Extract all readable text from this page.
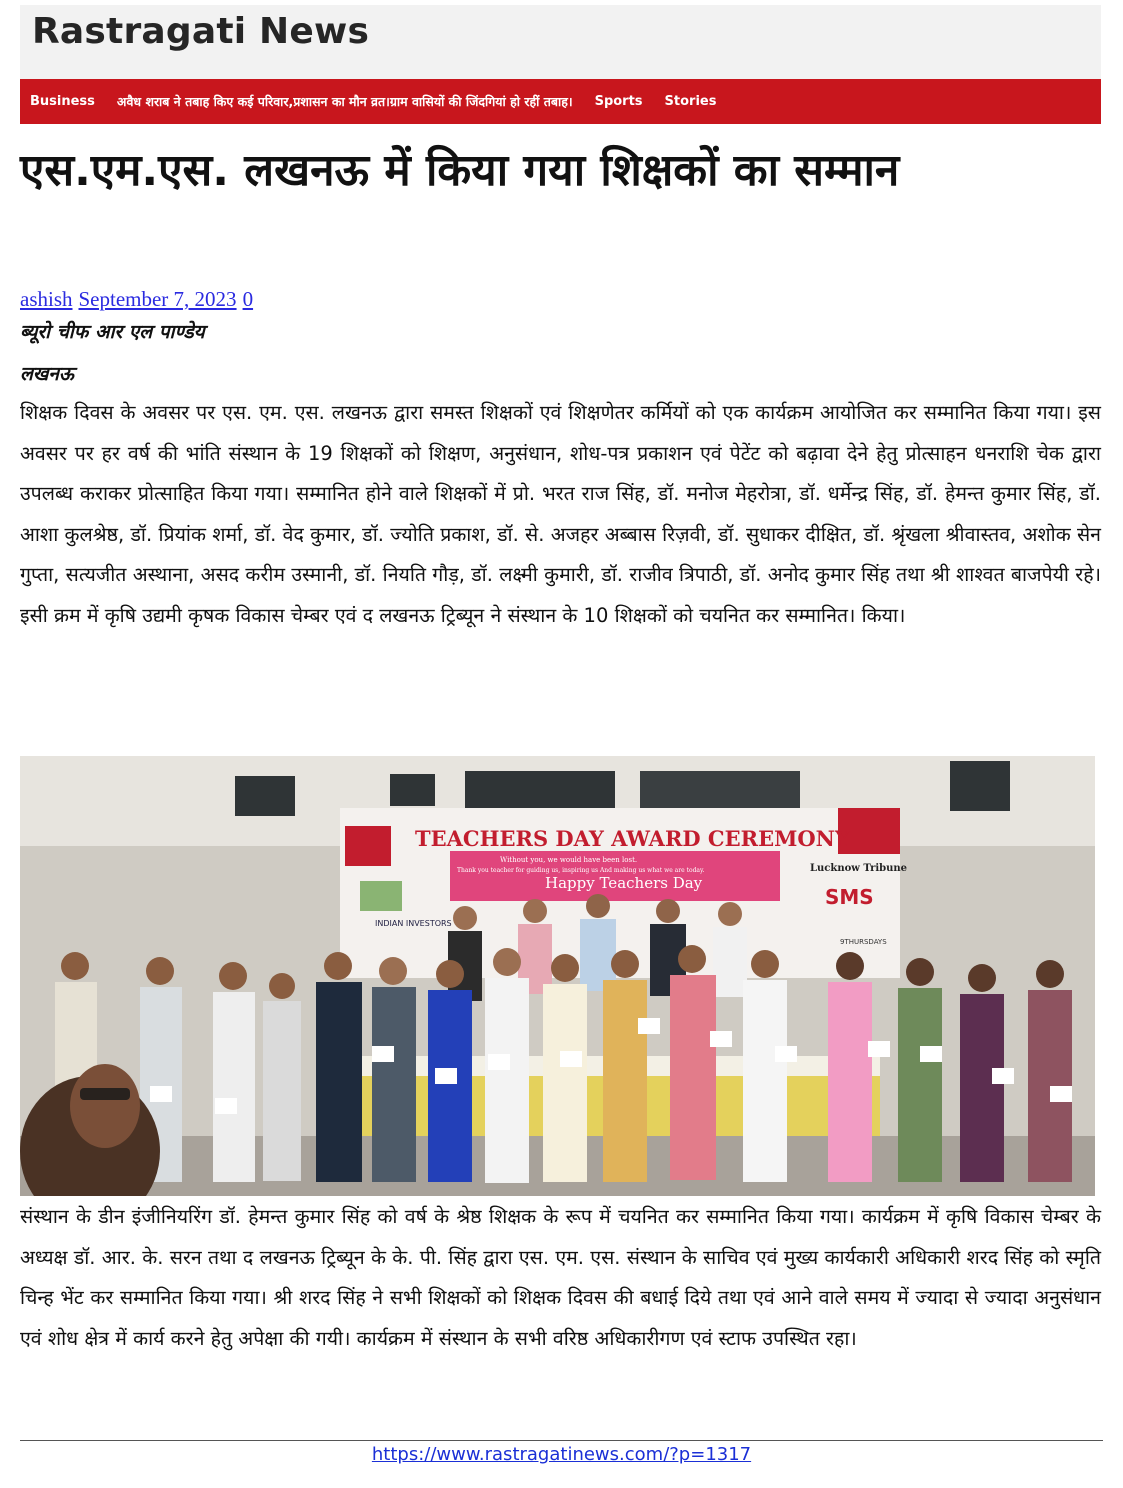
Rastragati News
Business अवैध शराब ने तबाह किए कई परिवार,प्रशासन का मौन व्रत।ग्राम वासियों की जिंदगियां हो रहीं तबाह। Sports Stories
एस.एम.एस. लखनऊ में किया गया शिक्षकों का सम्मान
ashish September 7, 2023 0
ब्यूरो चीफ आर एल पाण्डेय
लखनऊ

शिक्षक दिवस के अवसर पर एस. एम. एस. लखनऊ द्वारा समस्त शिक्षकों एवं शिक्षणेतर कर्मियों को एक कार्यक्रम आयोजित कर सम्मानित किया गया। इस अवसर पर हर वर्ष की भांति संस्थान के 19 शिक्षकों को शिक्षण, अनुसंधान, शोध-पत्र प्रकाशन एवं पेटेंट को बढ़ावा देने हेतु प्रोत्साहन धनराशि चेक द्वारा उपलब्ध कराकर प्रोत्साहित किया गया। सम्मानित होने वाले शिक्षकों में प्रो. भरत राज सिंह, डॉ. मनोज मेहरोत्रा, डॉ. धर्मेन्द्र सिंह, डॉ. हेमन्त कुमार सिंह, डॉ. आशा कुलश्रेष्ठ, डॉ. प्रियांक शर्मा, डॉ. वेद कुमार, डॉ. ज्योति प्रकाश, डॉ. से. अजहर अब्बास रिज़वी, डॉ. सुधाकर दीक्षित, डॉ. श्रृंखला श्रीवास्तव, अशोक सेन गुप्ता, सत्यजीत अस्थाना, असद करीम उस्मानी, डॉ. नियति गौड़, डॉ. लक्ष्मी कुमारी, डॉ. राजीव त्रिपाठी, डॉ. अनोद कुमार सिंह तथा श्री शाश्वत बाजपेयी रहे।इसी क्रम में कृषि उद्यमी कृषक विकास चेम्बर एवं द लखनऊ ट्रिब्यून ने संस्थान के 10 शिक्षकों को चयनित कर सम्मानित। किया।

TEACHERS DAY AWARD CEREMONY
Without you, we would have been lost.
Thank you teacher for guiding us, inspiring us And making us what we are today.
Happy Teachers Day
INDIAN INVESTORS
Lucknow Tribune
SMS
9THURSDAYS

संस्थान के डीन इंजीनियरिंग डॉ. हेमन्त कुमार सिंह को वर्ष के श्रेष्ठ शिक्षक के रूप में चयनित कर सम्मानित किया गया। कार्यक्रम में कृषि विकास चेम्बर के अध्यक्ष डॉ. आर. के. सरन तथा द लखनऊ ट्रिब्यून के के. पी. सिंह द्वारा एस. एम. एस. संस्थान के साचिव एवं मुख्य कार्यकारी अधिकारी शरद सिंह को स्मृति चिन्ह भेंट कर सम्मानित किया गया। श्री शरद सिंह ने सभी शिक्षकों को शिक्षक दिवस की बधाई दिये तथा एवं आने वाले समय में ज्यादा से ज्यादा अनुसंधान एवं शोध क्षेत्र में कार्य करने हेतु अपेक्षा की गयी। कार्यक्रम में संस्थान के सभी वरिष्ठ अधिकारीगण एवं स्टाफ उपस्थित रहा।

https://www.rastragatinews.com/?p=1317
